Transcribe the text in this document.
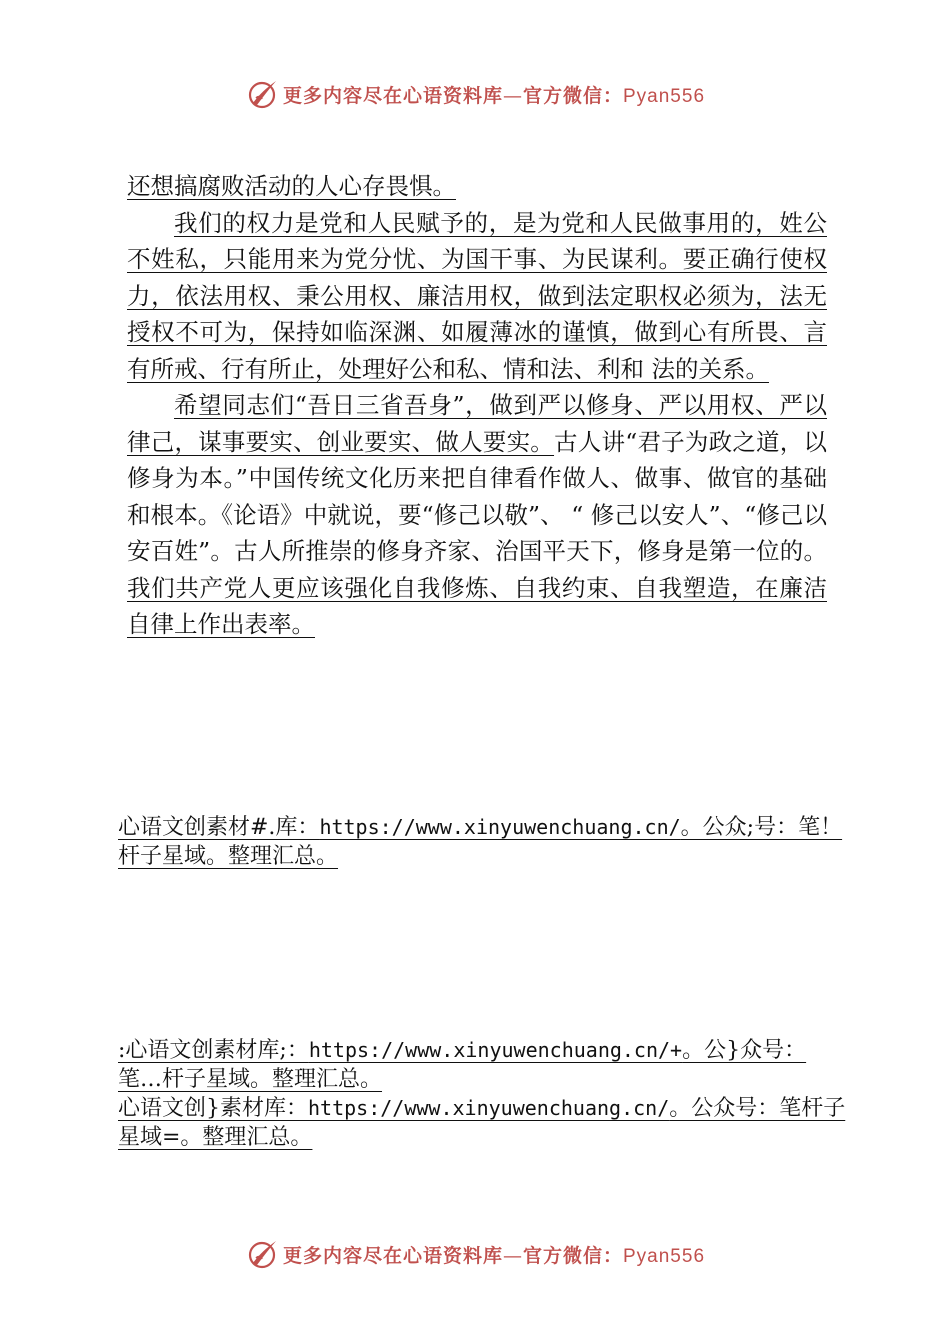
更多内容尽在心语资料库—官方微信：Pyan556

还想搞腐败活动的人心存畏惧。

我们的权力是党和人民赋予的，是为党和人民做事用的，姓公不姓私，只能用来为党分忧、为国干事、为民谋利。要正确行使权力，依法用权、秉公用权、廉洁用权，做到法定职权必须为，法无授权不可为，保持如临深渊、如履薄冰的谨慎，做到心有所畏、言有所戒、行有所止，处理好公和私、情和法、利和 法的关系。

希望同志们“吾日三省吾身”，做到严以修身、严以用权、严以律己，谋事要实、创业要实、做人要实。古人讲“君子为政之道，以修身为本。”中国传统文化历来把自律看作做人、做事、做官的基础和根本。《论语》中就说，要“修己以敬”、 “ 修己以安人”、“修己以安百姓”。古人所推崇的修身齐家、治国平天下，修身是第一位的。我们共产党人更应该强化自我修炼、自我约束、自我塑造，在廉洁自律上作出表率。

心语文创素材#.库：https://www.xinyuwenchuang.cn/。公众;号：笔！杆子星域。整理汇总。

:心语文创素材库;：https://www.xinyuwenchuang.cn/+。公}众号：笔…杆子星域。整理汇总。

心语文创}素材库：https://www.xinyuwenchuang.cn/。公众号：笔杆子星域=。整理汇总。

更多内容尽在心语资料库—官方微信：Pyan556
